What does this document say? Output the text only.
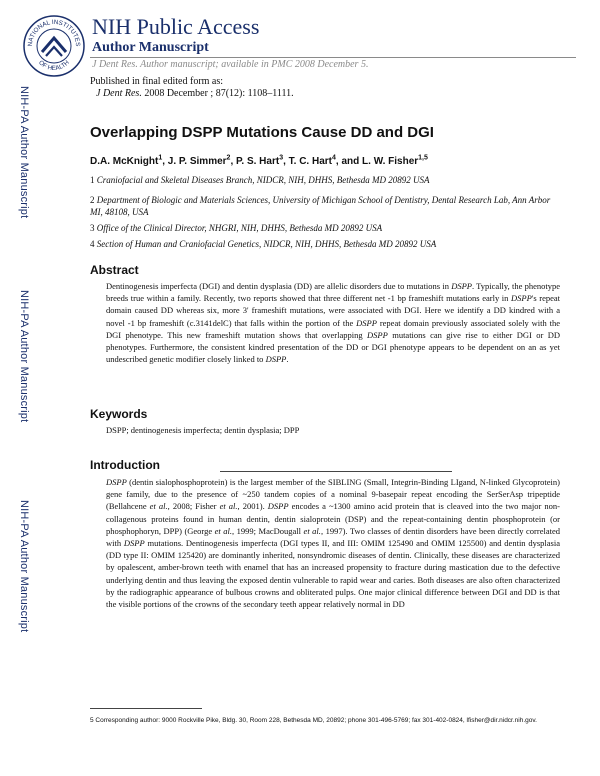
NATIONAL INSTITUTES
OF HEALTH
NIH Public Access
Author Manuscript
J Dent Res. Author manuscript; available in PMC 2008 December 5.
Published in final edited form as:
J Dent Res. 2008 December ; 87(12): 1108–1111.
NIH-PA Author Manuscript
NIH-PA Author Manuscript
NIH-PA Author Manuscript
Overlapping DSPP Mutations Cause DD and DGI
D.A. McKnight$^1$, J. P. Simmer$^2$, P. S. Hart$^3$, T. C. Hart$^4$, and L. W. Fisher$^{1,5}$
1 Craniofacial and Skeletal Diseases Branch, NIDCR, NIH, DHHS, Bethesda MD 20892 USA
2 Department of Biologic and Materials Sciences, University of Michigan School of Dentistry, Dental Research Lab, Ann Arbor MI, 48108, USA
3 Office of the Clinical Director, NHGRI, NIH, DHHS, Bethesda MD 20892 USA
4 Section of Human and Craniofacial Genetics, NIDCR, NIH, DHHS, Bethesda MD 20892 USA
Abstract
Dentinogenesis imperfecta (DGI) and dentin dysplasia (DD) are allelic disorders due to mutations in DSPP. Typically, the phenotype breeds true within a family. Recently, two reports showed that three different net -1 bp frameshift mutations early in DSPP's repeat domain caused DD whereas six, more 3' frameshift mutations, were associated with DGI. Here we identify a DD kindred with a novel -1 bp frameshift (c.3141delC) that falls within the portion of the DSPP repeat domain previously associated solely with the DGI phenotype. This new frameshift mutation shows that overlapping DSPP mutations can give rise to either DGI or DD phenotypes. Furthermore, the consistent kindred presentation of the DD or DGI phenotype appears to be dependent on an as yet undescribed genetic modifier closely linked to DSPP.
Keywords
DSPP; dentinogenesis imperfecta; dentin dysplasia; DPP
Introduction
DSPP (dentin sialophosphoprotein) is the largest member of the SIBLING (Small, Integrin-Binding LIgand, N-linked Glycoprotein) gene family, due to the presence of ~250 tandem copies of a nominal 9-basepair repeat encoding the SerSerAsp tripeptide (Bellahcene et al., 2008; Fisher et al., 2001). DSPP encodes a ~1300 amino acid protein that is cleaved into the two major non-collagenous proteins found in human dentin, dentin sialoprotein (DSP) and the repeat-containing dentin phosphoprotein (or phosphophoryn, DPP) (George et al., 1999; MacDougall et al., 1997). Two classes of dentin disorders have been directly correlated with DSPP mutations. Dentinogenesis imperfecta (DGI types II, and III: OMIM 125490 and OMIM 125500) and dentin dysplasia (DD type II: OMIM 125420) are dominantly inherited, nonsyndromic diseases of dentin. Clinically, these diseases are characterized by opalescent, amber-brown teeth with enamel that has an increased propensity to fracture during mastication due to the defective underlying dentin and thus leaving the exposed dentin vulnerable to rapid wear and caries. Both diseases are also often characterized by the radiographic appearance of bulbous crowns and obliterated pulps. One major clinical difference between DGI and DD is that the visible portions of the crowns of the secondary teeth appear relatively normal in DD
5 Corresponding author: 9000 Rockville Pike, Bldg. 30, Room 228, Bethesda MD, 20892; phone 301-496-5769; fax 301-402-0824, lfisher@dir.nidcr.nih.gov.
